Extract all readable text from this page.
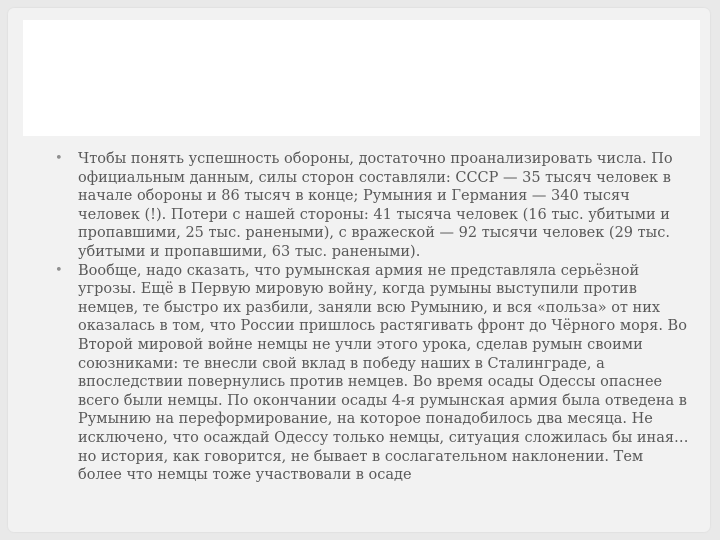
• Чтобы понять успешность обороны, достаточно проанализировать числа. По официальным данным, силы сторон составляли: СССР — 35 тысяч человек в начале обороны и 86 тысяч в конце; Румыния и Германия — 340 тысяч человек (!). Потери с нашей стороны: 41 тысяча человек (16 тыс. убитыми и пропавшими, 25 тыс. ранеными), с вражеской — 92 тысячи человек (29 тыс. убитыми и пропавшими, 63 тыс. ранеными).
• Вообще, надо сказать, что румынская армия не представляла серьёзной угрозы. Ещё в Первую мировую войну, когда румыны выступили против немцев, те быстро их разбили, заняли всю Румынию, и вся «польза» от них оказалась в том, что России пришлось растягивать фронт до Чёрного моря. Во Второй мировой войне немцы не учли этого урока, сделав румын своими союзниками: те внесли свой вклад в победу наших в Сталинграде, а впоследствии повернулись против немцев. Во время осады Одессы опаснее всего были немцы. По окончании осады 4-я румынская армия была отведена в Румынию на переформирование, на которое понадобилось два месяца. Не исключено, что осаждай Одессу только немцы, ситуация сложилась бы иная… но история, как говорится, не бывает в сослагательном наклонении. Тем более что немцы тоже участвовали в осаде
